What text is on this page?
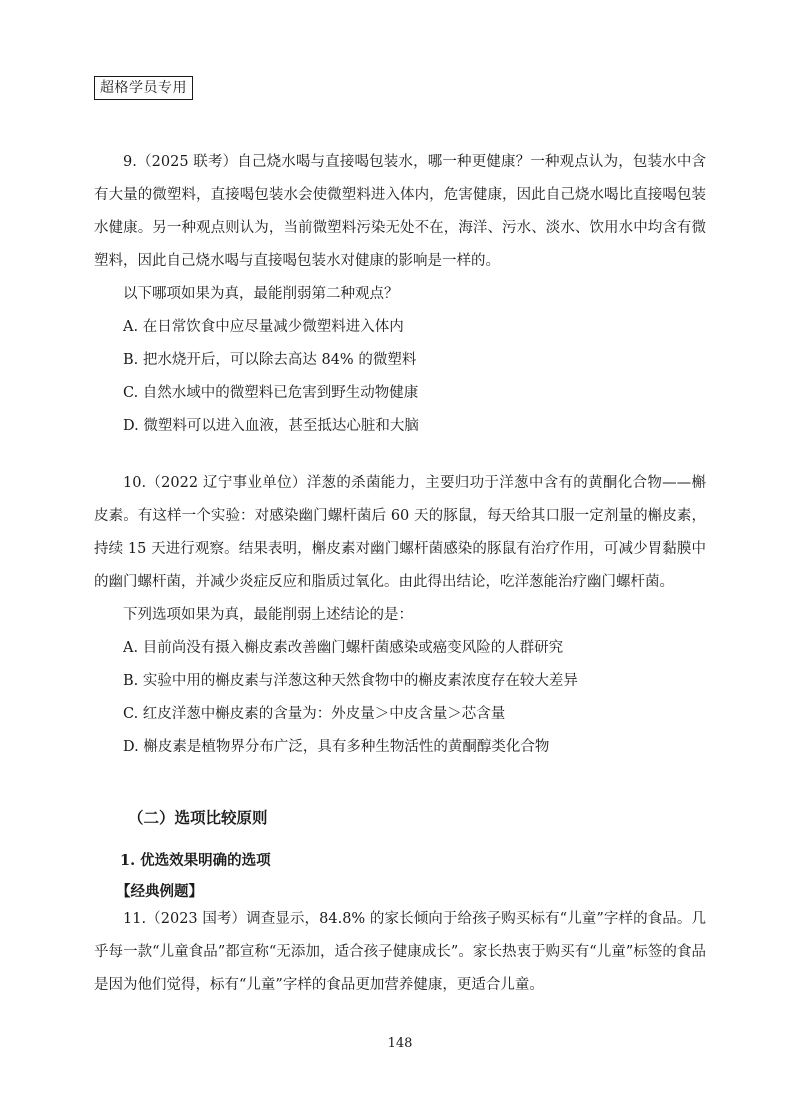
超格学员专用

9.（2025 联考）自己烧水喝与直接喝包装水，哪一种更健康？一种观点认为，包装水中含有大量的微塑料，直接喝包装水会使微塑料进入体内，危害健康，因此自己烧水喝比直接喝包装水健康。另一种观点则认为，当前微塑料污染无处不在，海洋、污水、淡水、饮用水中均含有微塑料，因此自己烧水喝与直接喝包装水对健康的影响是一样的。

以下哪项如果为真，最能削弱第二种观点？

A. 在日常饮食中应尽量减少微塑料进入体内

B. 把水烧开后，可以除去高达 84% 的微塑料

C. 自然水域中的微塑料已危害到野生动物健康

D. 微塑料可以进入血液，甚至抵达心脏和大脑

10.（2022 辽宁事业单位）洋葱的杀菌能力，主要归功于洋葱中含有的黄酮化合物——槲皮素。有这样一个实验：对感染幽门螺杆菌后 60 天的豚鼠，每天给其口服一定剂量的槲皮素，持续 15 天进行观察。结果表明，槲皮素对幽门螺杆菌感染的豚鼠有治疗作用，可减少胃黏膜中的幽门螺杆菌，并减少炎症反应和脂质过氧化。由此得出结论，吃洋葱能治疗幽门螺杆菌。

下列选项如果为真，最能削弱上述结论的是：

A. 目前尚没有摄入槲皮素改善幽门螺杆菌感染或癌变风险的人群研究

B. 实验中用的槲皮素与洋葱这种天然食物中的槲皮素浓度存在较大差异

C. 红皮洋葱中槲皮素的含量为：外皮量＞中皮含量＞芯含量

D. 槲皮素是植物界分布广泛，具有多种生物活性的黄酮醇类化合物

（二）选项比较原则
1. 优选效果明确的选项
【经典例题】

11.（2023 国考）调查显示，84.8% 的家长倾向于给孩子购买标有“儿童”字样的食品。几乎每一款“儿童食品”都宣称“无添加，适合孩子健康成长”。家长热衷于购买有“儿童”标签的食品是因为他们觉得，标有“儿童”字样的食品更加营养健康，更适合儿童。

148
